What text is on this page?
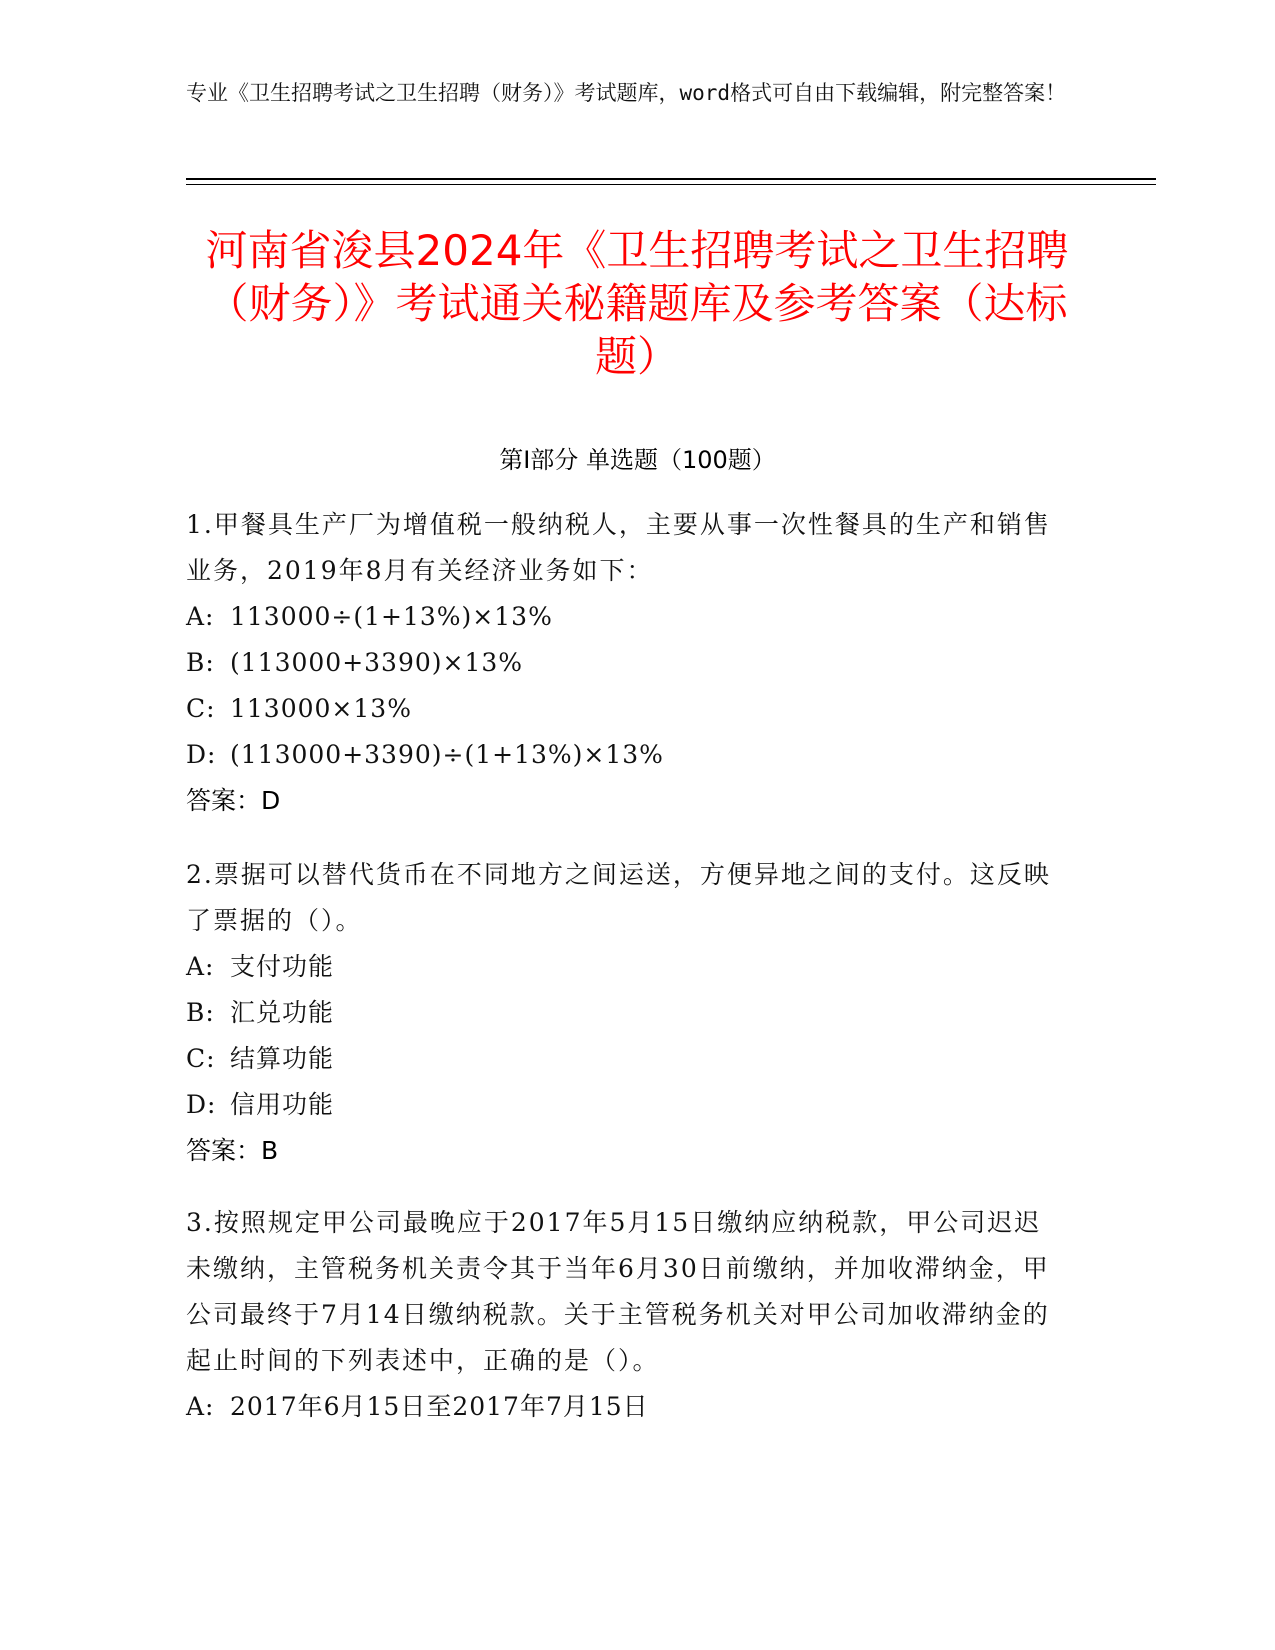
专业《卫生招聘考试之卫生招聘（财务）》考试题库，word格式可自由下载编辑，附完整答案！
河南省浚县2024年《卫生招聘考试之卫生招聘（财务）》考试通关秘籍题库及参考答案（达标题）
第I部分 单选题（100题）
1.甲餐具生产厂为增值税一般纳税人，主要从事一次性餐具的生产和销售业务，2019年8月有关经济业务如下：
A: 113000÷(1+13%)×13%
B: (113000+3390)×13%
C: 113000×13%
D: (113000+3390)÷(1+13%)×13%
答案：D
2.票据可以替代货币在不同地方之间运送，方便异地之间的支付。这反映了票据的（）。
A: 支付功能
B: 汇兑功能
C: 结算功能
D: 信用功能
答案：B
3.按照规定甲公司最晚应于2017年5月15日缴纳应纳税款，甲公司迟迟未缴纳，主管税务机关责令其于当年6月30日前缴纳，并加收滞纳金，甲公司最终于7月14日缴纳税款。关于主管税务机关对甲公司加收滞纳金的起止时间的下列表述中，正确的是（）。
A: 2017年6月15日至2017年7月15日
